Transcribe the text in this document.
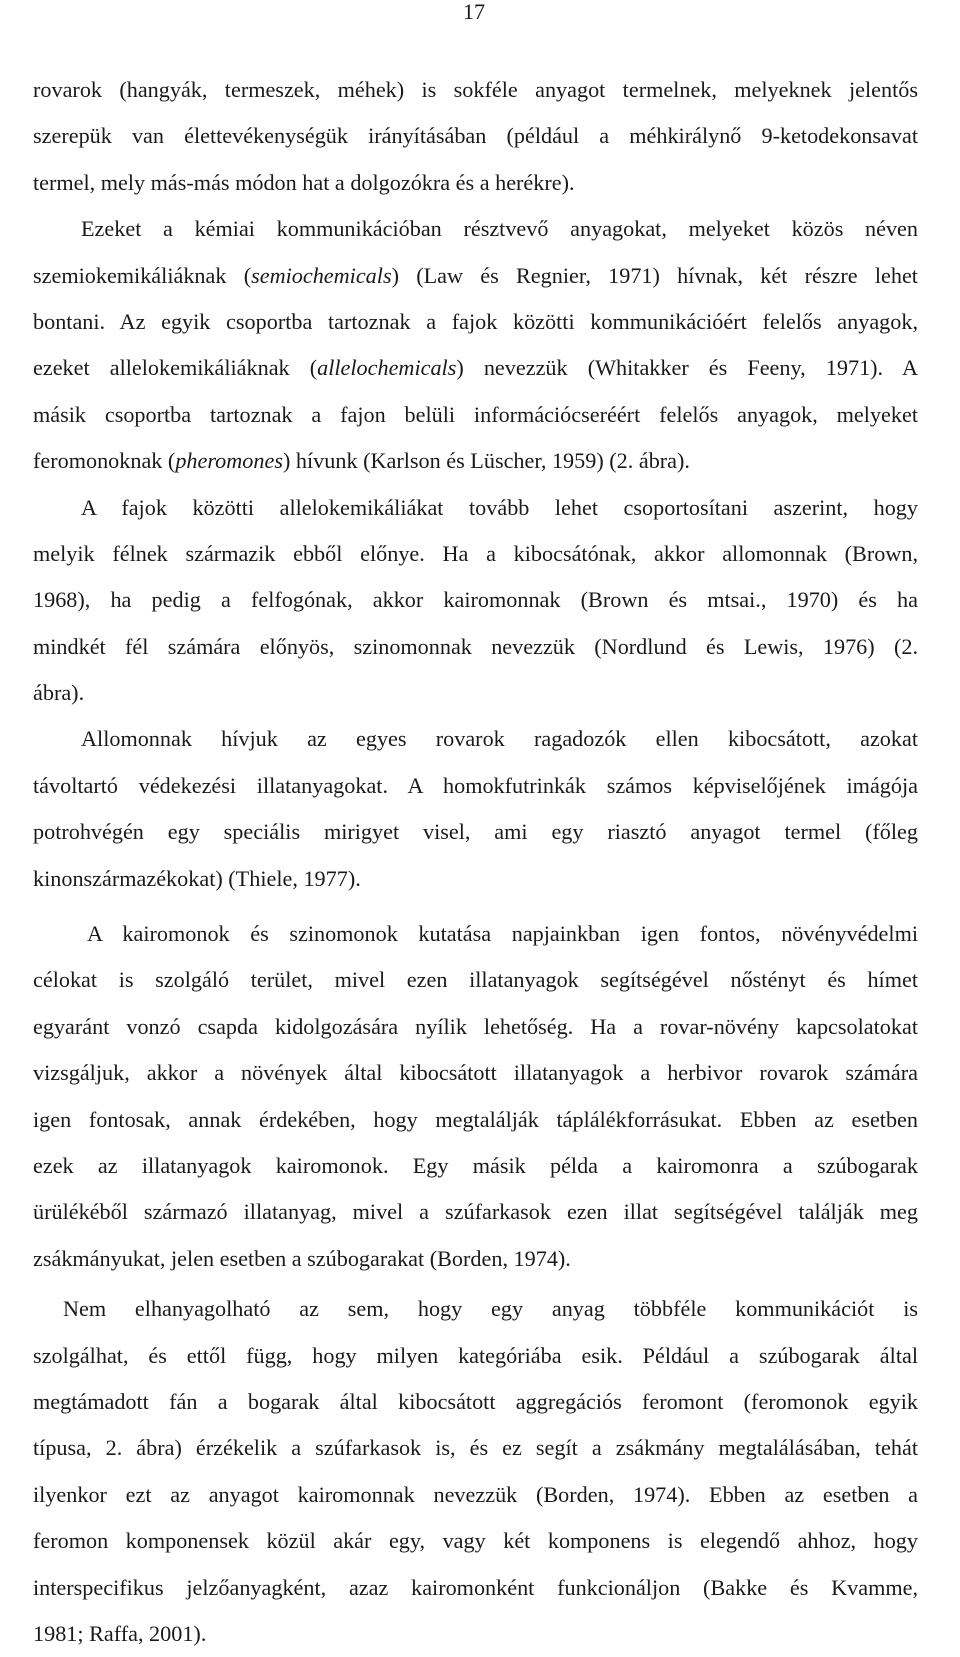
17
rovarok (hangyák, termeszek, méhek) is sokféle anyagot termelnek, melyeknek jelentős
szerepük van élettevékenységük irányításában (például a méhkirálynő 9-ketodekonsavat
termel, mely más-más módon hat a dolgozókra és a herékre).
Ezeket a kémiai kommunikációban résztvevő anyagokat, melyeket közös néven
szemiokemikáliáknak (semiochemicals) (Law és Regnier, 1971) hívnak, két részre lehet
bontani. Az egyik csoportba tartoznak a fajok közötti kommunikációért felelős anyagok,
ezeket allelokemikáliáknak (allelochemicals) nevezzük (Whitakker és Feeny, 1971). A
másik csoportba tartoznak a fajon belüli információcseréért felelős anyagok, melyeket
feromonoknak (pheromones) hívunk (Karlson és Lüscher, 1959) (2. ábra).
A fajok közötti allelokemikáliákat tovább lehet csoportosítani aszerint, hogy
melyik félnek származik ebből előnye. Ha a kibocsátónak, akkor allomonnak (Brown,
1968), ha pedig a felfogónak, akkor kairomonnak (Brown és mtsai., 1970) és ha
mindkét fél számára előnyös, szinomonnak nevezzük (Nordlund és Lewis, 1976) (2.
ábra).
Allomonnak hívjuk az egyes rovarok ragadozók ellen kibocsátott, azokat
távoltartó védekezési illatanyagokat. A homokfutrinkák számos képviselőjének imágója
potrohvégén egy speciális mirigyet visel, ami egy riasztó anyagot termel (főleg
kinonszármazékokat) (Thiele, 1977).
A kairomonok és szinomonok kutatása napjainkban igen fontos, növényvédelmi
célokat is szolgáló terület, mivel ezen illatanyagok segítségével nőstényt és hímet
egyaránt vonzó csapda kidolgozására nyílik lehetőség. Ha a rovar-növény kapcsolatokat
vizsgáljuk, akkor a növények által kibocsátott illatanyagok a herbivor rovarok számára
igen fontosak, annak érdekében, hogy megtalálják táplálékforrásukat. Ebben az esetben
ezek az illatanyagok kairomonok. Egy másik példa a kairomonra a szúbogarak
ürülékéből származó illatanyag, mivel a szúfarkasok ezen illat segítségével találják meg
zsákmányukat, jelen esetben a szúbogarakat (Borden, 1974).
Nem elhanyagolható az sem, hogy egy anyag többféle kommunikációt is
szolgálhat, és ettől függ, hogy milyen kategóriába esik. Például a szúbogarak által
megtámadott fán a bogarak által kibocsátott aggregációs feromont (feromonok egyik
típusa, 2. ábra) érzékelik a szúfarkasok is, és ez segít a zsákmány megtalálásában, tehát
ilyenkor ezt az anyagot kairomonnak nevezzük (Borden, 1974). Ebben az esetben a
feromon komponensek közül akár egy, vagy két komponens is elegendő ahhoz, hogy
interspecifikus jelzőanyagként, azaz kairomonként funkcionáljon (Bakke és Kvamme,
1981; Raffa, 2001).
